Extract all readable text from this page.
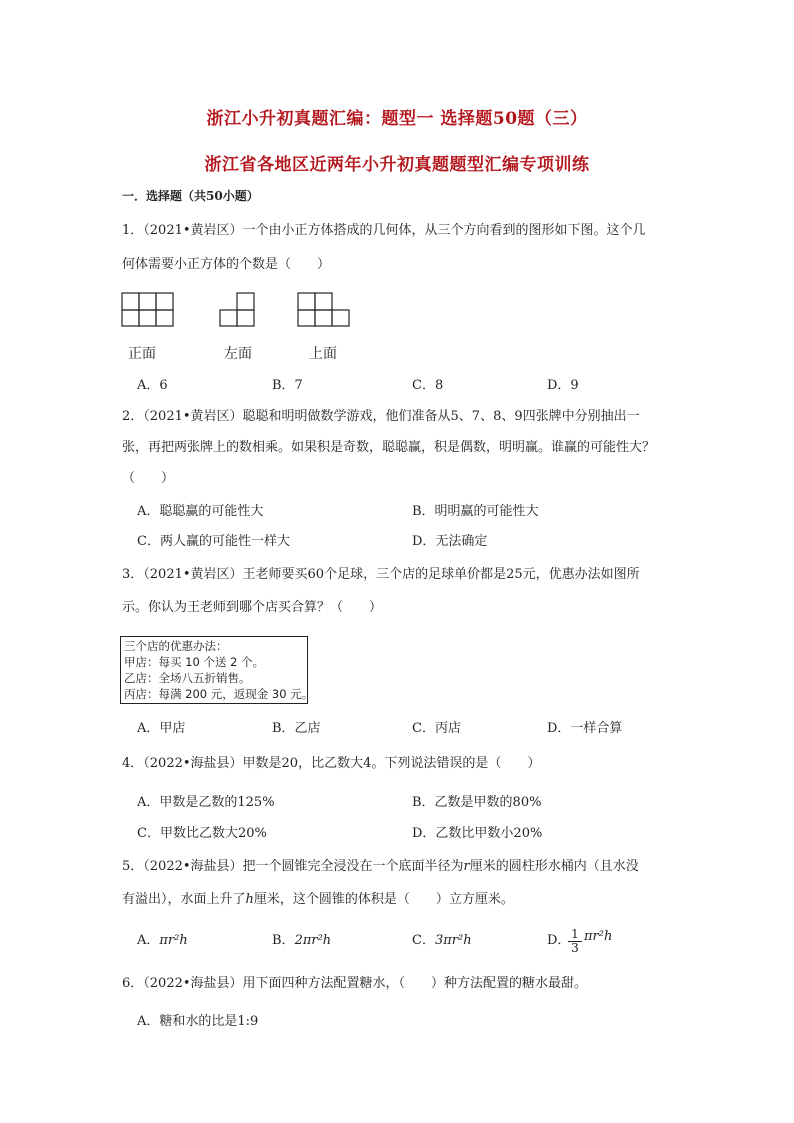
浙江小升初真题汇编：题型一 选择题50题（三）
浙江省各地区近两年小升初真题题型汇编专项训练
一．选择题（共50小题）
1．（2021•黄岩区）一个由小正方体搭成的几何体，从三个方向看到的图形如下图。这个几
何体需要小正方体的个数是（　　）
正面	左面	上面
A．6	B．7	C．8	D．9
2．（2021•黄岩区）聪聪和明明做数学游戏，他们准备从5、7、8、9四张牌中分别抽出一
张，再把两张牌上的数相乘。如果积是奇数，聪聪赢，积是偶数，明明赢。谁赢的可能性大？
（　　）
A．聪聪赢的可能性大	B．明明赢的可能性大
C．两人赢的可能性一样大	D．无法确定
3．（2021•黄岩区）王老师要买60个足球，三个店的足球单价都是25元，优惠办法如图所
示。你认为王老师到哪个店买合算？（　　）
三个店的优惠办法：
甲店：每买 10 个送 2 个。
乙店：全场八五折销售。
丙店：每满 200 元，返现金 30 元。
A．甲店	B．乙店	C．丙店	D．一样合算
4．（2022•海盐县）甲数是20，比乙数大4。下列说法错误的是（　　）
A．甲数是乙数的125%	B．乙数是甲数的80%
C．甲数比乙数大20%	D．乙数比甲数小20%
5．（2022•海盐县）把一个圆锥完全浸没在一个底面半径为r厘米的圆柱形水桶内（且水没
有溢出），水面上升了h厘米，这个圆锥的体积是（　　）立方厘米。
A．πr²h	B．2πr²h	C．3πr²h	D．
$\frac{1}{3} \pi r^2h$
6．（2022•海盐县）用下面四种方法配置糖水，（　　）种方法配置的糖水最甜。
A．糖和水的比是1:9
